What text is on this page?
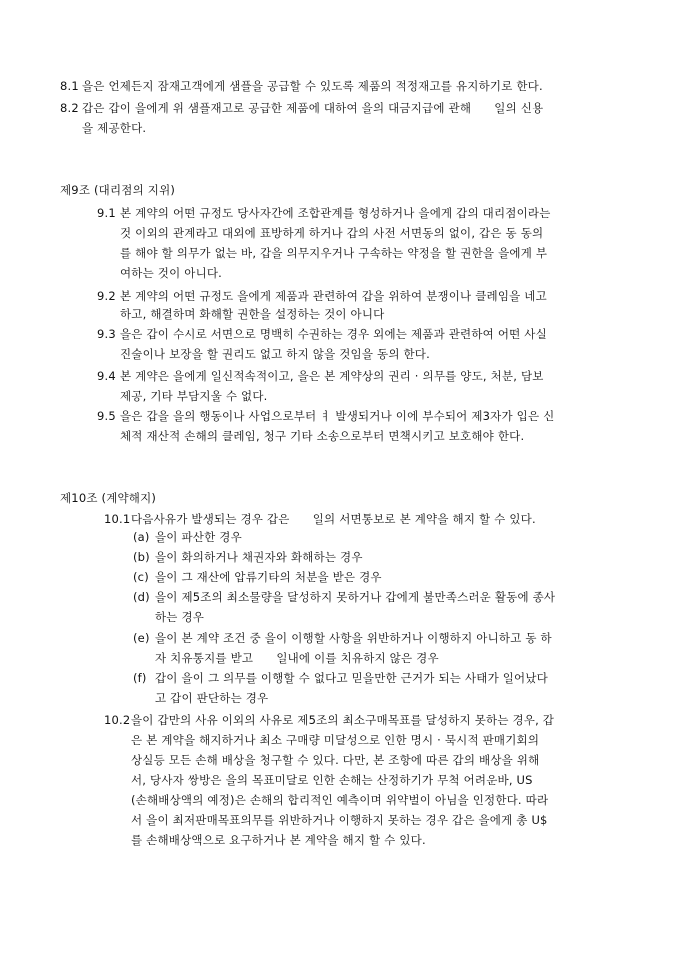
8.1 을은 언제든지 잠재고객에게 샘플을 공급할 수 있도록 제품의 적정재고를 유지하기로 한다.
8.2 갑은 갑이 을에게 위 샘플재고로 공급한 제품에 대하여 을의 대금지급에 관해      일의 신용
을 제공한다.
제9조 (대리점의 지위)
9.1 본 계약의 어떤 규정도 당사자간에 조합관계를 형성하거나 을에게 갑의 대리점이라는
것 이외의 관계라고 대외에 표방하게 하거나 갑의 사전 서면동의 없이, 갑은 동 동의
를 해야 할 의무가 없는 바, 갑을 의무지우거나 구속하는 약정을 할 권한을 을에게 부
여하는 것이 아니다.
9.2 본 계약의 어떤 규정도 을에게 제품과 관련하여 갑을 위하여 분쟁이나 클레임을 네고
하고, 해결하며 화해할 권한을 설정하는 것이 아니다
9.3 을은 갑이 수시로 서면으로 명백히 수권하는 경우 외에는 제품과 관련하여 어떤 사실
진술이나 보장을 할 권리도 없고 하지 않을 것임을 동의 한다.
9.4 본 계약은 을에게 일신적속적이고, 을은 본 계약상의 권리 · 의무를 양도, 처분, 담보
제공, 기타 부담지울 수 없다.
9.5 을은 갑을 을의 행동이나 사업으로부터 ㅕ 발생되거나 이에 부수되어 제3자가 입은 신
체적 재산적 손해의 클레임, 청구 기타 소송으로부터 면책시키고 보호해야 한다.
제10조 (계약해지)
10.1 다음사유가 발생되는 경우 갑은      일의 서면통보로 본 계약을 해지 할 수 있다.
(a) 을이 파산한 경우
(b) 을이 화의하거나 채권자와 화해하는 경우
(c) 을이 그 재산에 압류기타의 처분을 받은 경우
(d) 을이 제5조의 최소물량을 달성하지 못하거나 갑에게 불만족스러운 활동에 종사
하는 경우
(e) 을이 본 계약 조건 중 을이 이행할 사항을 위반하거나 이행하지 아니하고 동 하
자 치유통지를 받고      일내에 이를 치유하지 않은 경우
(f) 갑이 을이 그 의무를 이행할 수 없다고 믿을만한 근거가 되는 사태가 일어났다
고 갑이 판단하는 경우
10.2 을이 갑만의 사유 이외의 사유로 제5조의 최소구매목표를 달성하지 못하는 경우, 갑
은 본 계약을 해지하거나 최소 구매량 미달성으로 인한 명시 · 묵시적 판매기회의
상실등 모든 손해 배상을 청구할 수 있다. 다만, 본 조항에 따른 갑의 배상을 위해
서, 당사자 쌍방은 을의 목표미달로 인한 손해는 산정하기가 무척 어려운바, US
(손해배상액의 예정)은 손해의 합리적인 예측이며 위약벌이 아님을 인정한다. 따라
서 을이 최저판매목표의무를 위반하거나 이행하지 못하는 경우 갑은 을에게 총 U$
를 손해배상액으로 요구하거나 본 계약을 해지 할 수 있다.
